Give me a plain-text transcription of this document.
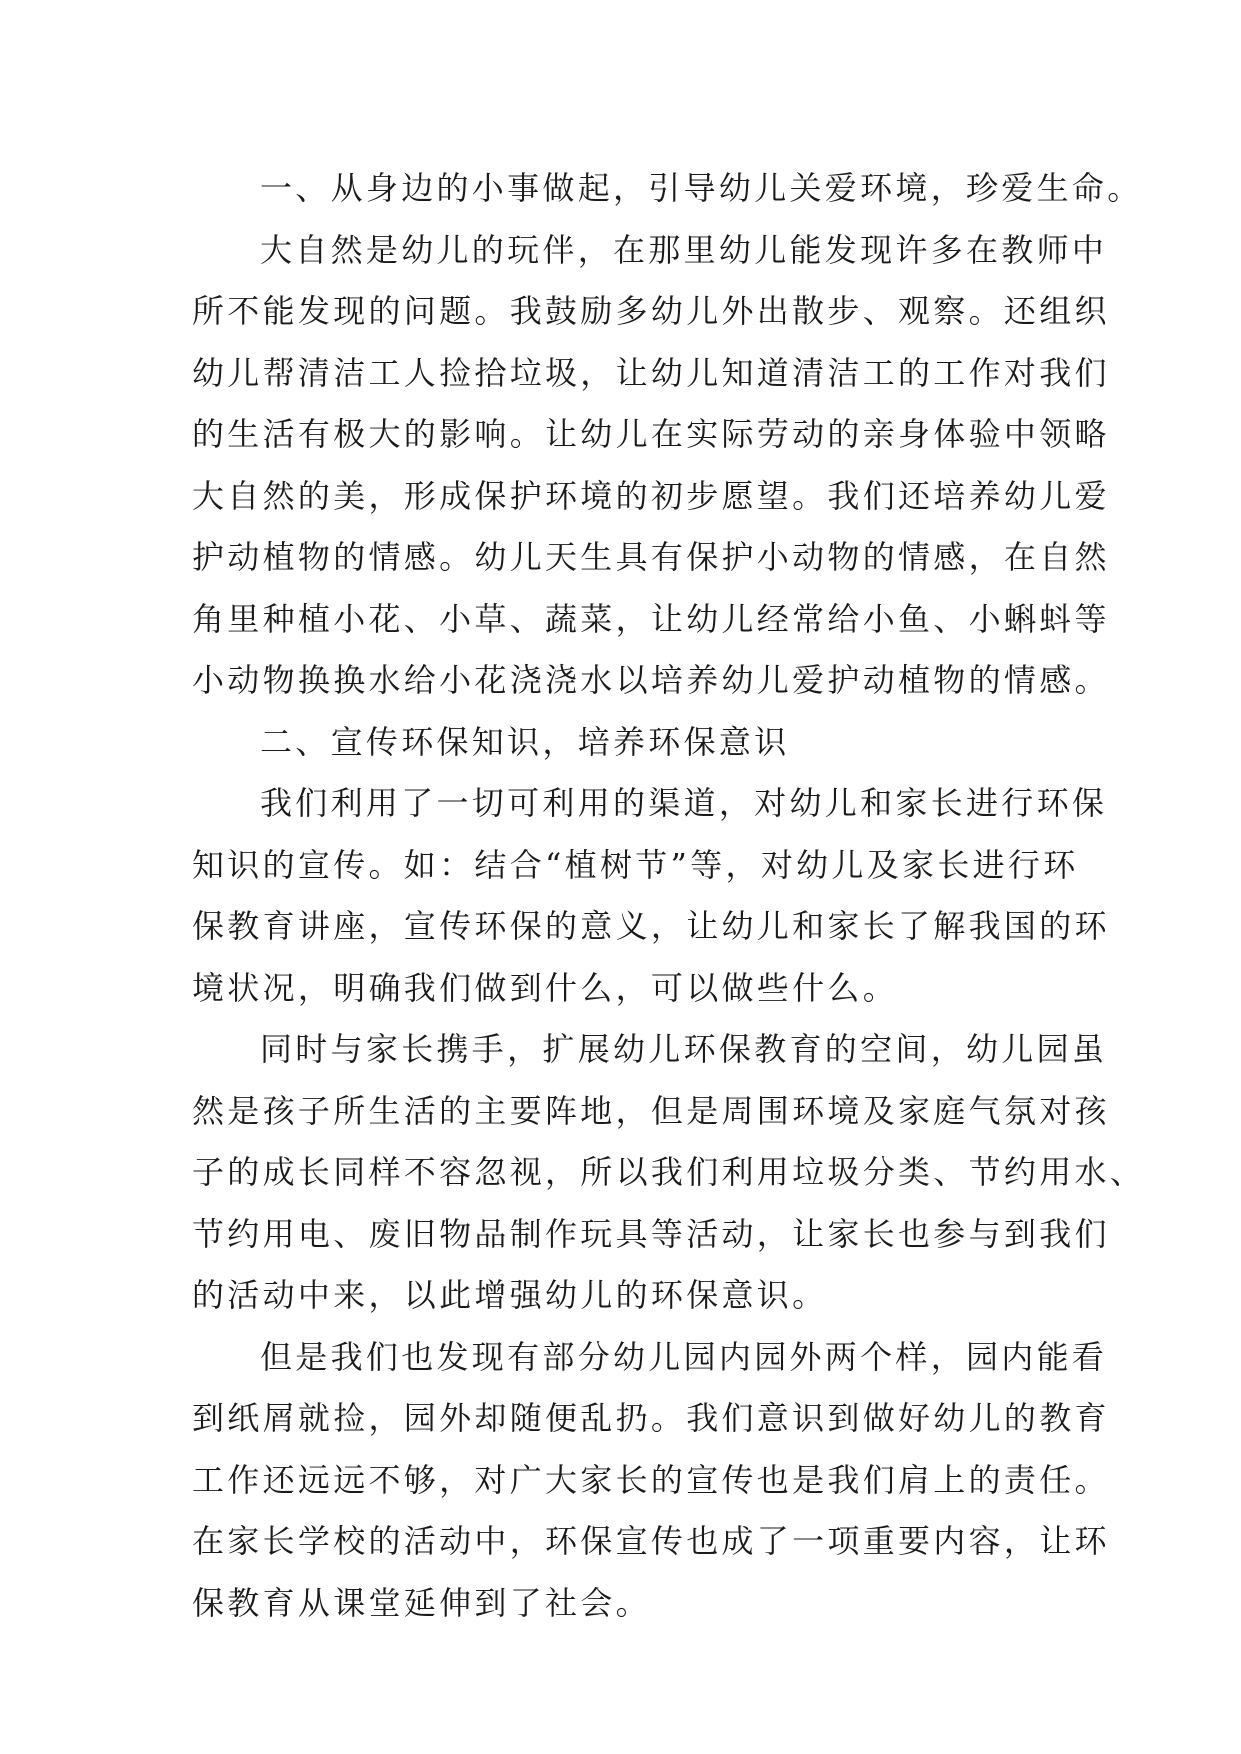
一、从身边的小事做起，引导幼儿关爱环境，珍爱生命。
大自然是幼儿的玩伴，在那里幼儿能发现许多在教师中
所不能发现的问题。我鼓励多幼儿外出散步、观察。还组织
幼儿帮清洁工人捡拾垃圾，让幼儿知道清洁工的工作对我们
的生活有极大的影响。让幼儿在实际劳动的亲身体验中领略
大自然的美，形成保护环境的初步愿望。我们还培养幼儿爱
护动植物的情感。幼儿天生具有保护小动物的情感，在自然
角里种植小花、小草、蔬菜，让幼儿经常给小鱼、小蝌蚪等
小动物换换水给小花浇浇水以培养幼儿爱护动植物的情感。
二、宣传环保知识，培养环保意识
我们利用了一切可利用的渠道，对幼儿和家长进行环保
知识的宣传。如：结合“植树节”等，对幼儿及家长进行环
保教育讲座，宣传环保的意义，让幼儿和家长了解我国的环
境状况，明确我们做到什么，可以做些什么。
同时与家长携手，扩展幼儿环保教育的空间，幼儿园虽
然是孩子所生活的主要阵地，但是周围环境及家庭气氛对孩
子的成长同样不容忽视，所以我们利用垃圾分类、节约用水、
节约用电、废旧物品制作玩具等活动，让家长也参与到我们
的活动中来，以此增强幼儿的环保意识。
但是我们也发现有部分幼儿园内园外两个样，园内能看
到纸屑就捡，园外却随便乱扔。我们意识到做好幼儿的教育
工作还远远不够，对广大家长的宣传也是我们肩上的责任。
在家长学校的活动中，环保宣传也成了一项重要内容，让环
保教育从课堂延伸到了社会。
